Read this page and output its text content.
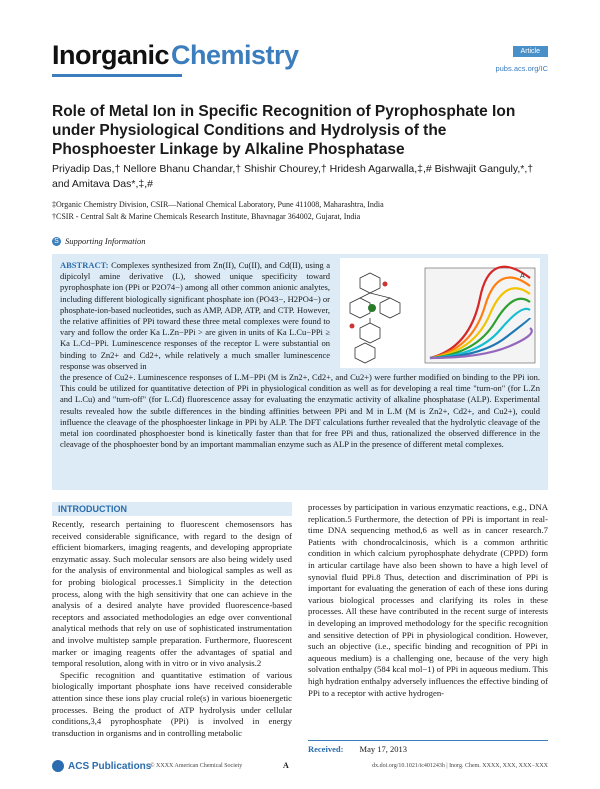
Inorganic Chemistry	Article
pubs.acs.org/IC
Role of Metal Ion in Specific Recognition of Pyrophosphate Ion under Physiological Conditions and Hydrolysis of the Phosphoester Linkage by Alkaline Phosphatase
Priyadip Das,† Nellore Bhanu Chandar,† Shishir Chourey,† Hridesh Agarwalla,‡,# Bishwajit Ganguly,*,†
and Amitava Das*,‡,#
‡Organic Chemistry Division, CSIR—National Chemical Laboratory, Pune 411008, Maharashtra, India
†CSIR - Central Salt & Marine Chemicals Research Institute, Bhavnagar 364002, Gujarat, India
S Supporting Information
ABSTRACT: Complexes synthesized from Zn(II), Cu(II), and Cd(II), using a dipicolyl amine derivative (L), showed unique specificity toward pyrophosphate ion (PPi or P2O74−) among all other common anionic analytes, including different biologically significant phosphate ion (PO43−, H2PO4−) or phosphate-ion-based nucleotides, such as AMP, ADP, ATP, and CTP. However, the relative affinities of PPi toward these three metal complexes were found to vary and follow the order Ka L.Zn−PPi > are given in units of Ka L.Cu−PPi ≥ Ka L.Cd−PPi. Luminescence responses of the receptor L were substantial on binding to Zn2+ and Cd2+, while relatively a much smaller luminescence response was observed in
A
the presence of Cu2+. Luminescence responses of L.M−PPi (M is Zn2+, Cd2+, and Cu2+) were further modified on binding to the PPi ion. This could be utilized for quantitative detection of PPi in physiological condition as well as for developing a real time "turn-on" (for L.Zn and L.Cu) and "turn-off" (for L.Cd) fluorescence assay for evaluating the enzymatic activity of alkaline phosphatase (ALP). Experimental results revealed how the subtle differences in the binding affinities between PPi and M in L.M (M is Zn2+, Cd2+, and Cu2+), could influence the cleavage of the phosphoester linkage in PPi by ALP. The DFT calculations further revealed that the hydrolytic cleavage of the metal ion coordinated phosphoester bond is kinetically faster than that for free PPi and thus, rationalized the observed difference in the cleavage of the phosphoester bond by an important mammalian enzyme such as ALP in the presence of different metal complexes.
INTRODUCTION

Recently, research pertaining to fluorescent chemosensors has received considerable significance, with regard to the design of efficient biomarkers, imaging reagents, and developing appropriate enzymatic assay. Such molecular sensors are also being widely used for the analysis of environmental and biological samples as well as for probing biological processes.1 Simplicity in the detection process, along with the high sensitivity that one can achieve in the analysis of a desired analyte have provided fluorescence-based receptors and associated methodologies an edge over conventional analytical methods that rely on use of sophisticated instrumentation and involve multistep sample preparation. Furthermore, fluorescent marker or imaging reagents offer the advantages of spatial and temporal resolution, along with in vitro or in vivo analysis.2

Specific recognition and quantitative estimation of various biologically important phosphate ions have received considerable attention since these ions play crucial role(s) in various bioenergetic processes. Being the product of ATP hydrolysis under cellular conditions,3,4 pyrophosphate (PPi) is involved in energy transduction in organisms and in controlling metabolic

processes by participation in various enzymatic reactions, e.g., DNA replication.5 Furthermore, the detection of PPi is important in real-time DNA sequencing method,6 as well as in cancer research.7 Patients with chondrocalcinosis, which is a common arthritic condition in which calcium pyrophosphate dehydrate (CPPD) form in articular cartilage have also been shown to have a high level of synovial fluid PPi.8 Thus, detection and discrimination of PPi is important for evaluating the generation of each of these ions during various biological processes and clarifying its roles in these processes. All these have contributed in the recent surge of interests in developing an improved methodology for the specific recognition and sensitive detection of PPi in physiological condition. However, such an objective (i.e., specific binding and recognition of PPi in aqueous medium) is a challenging one, because of the very high solvation enthalpy (584 kcal mol−1) of PPi in aqueous medium. This high hydration enthalpy adversely influences the effective binding of PPi to a receptor with active hydrogen-

Received: May 17, 2013
ACS Publications
© XXXX American Chemical Society	A	dx.doi.org/10.1021/ic401243h | Inorg. Chem. XXXX, XXX, XXX−XXX
